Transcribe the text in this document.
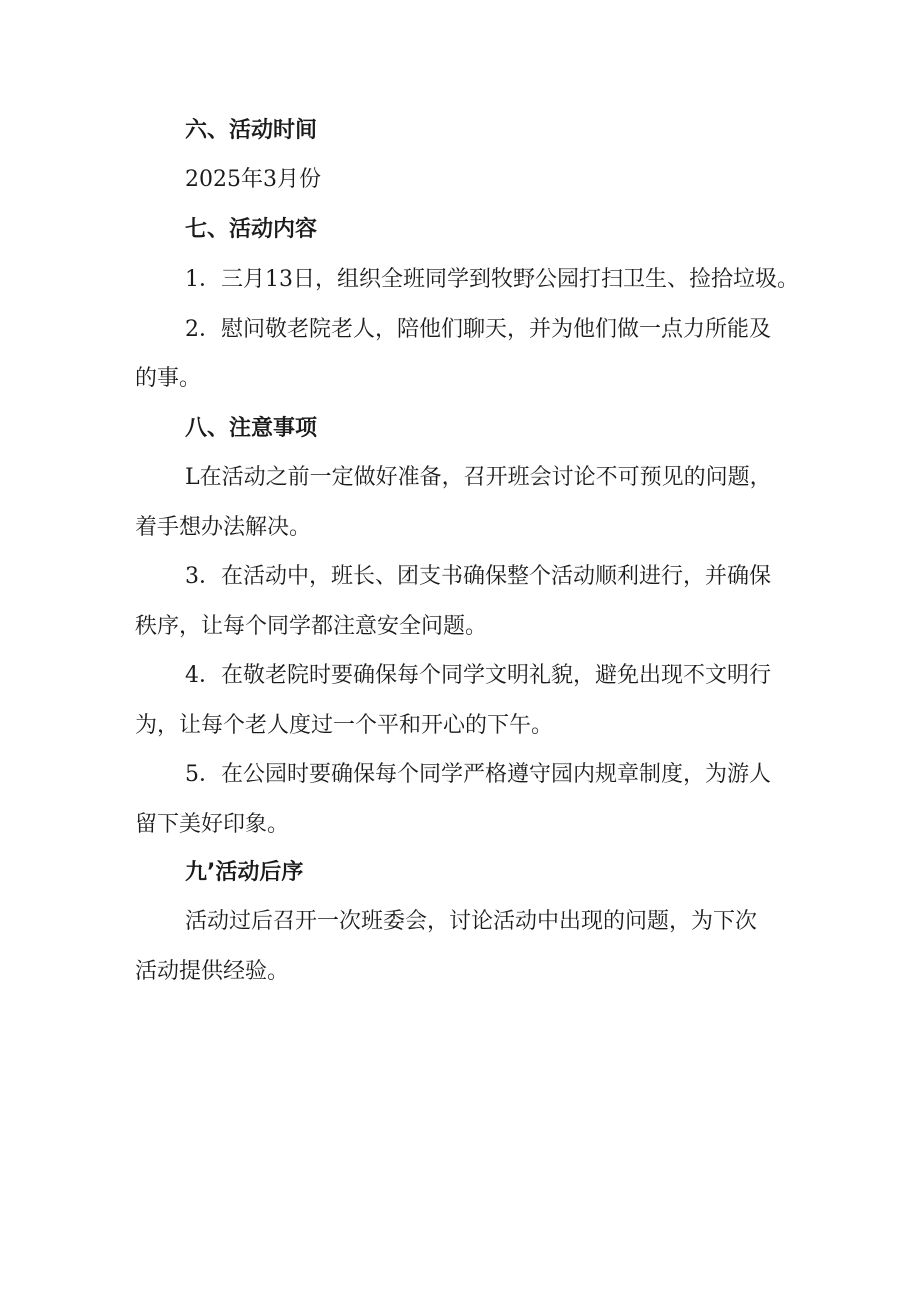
六、活动时间
2025年3月份
七、活动内容
1．三月13日，组织全班同学到牧野公园打扫卫生、捡拾垃圾。
2．慰问敬老院老人，陪他们聊天，并为他们做一点力所能及
的事。
八、注意事项
L在活动之前一定做好准备，召开班会讨论不可预见的问题，
着手想办法解决。
3．在活动中，班长、团支书确保整个活动顺利进行，并确保
秩序，让每个同学都注意安全问题。
4．在敬老院时要确保每个同学文明礼貌，避免出现不文明行
为，让每个老人度过一个平和开心的下午。
5．在公园时要确保每个同学严格遵守园内规章制度，为游人
留下美好印象。
九’活动后序
活动过后召开一次班委会，讨论活动中出现的问题，为下次
活动提供经验。
